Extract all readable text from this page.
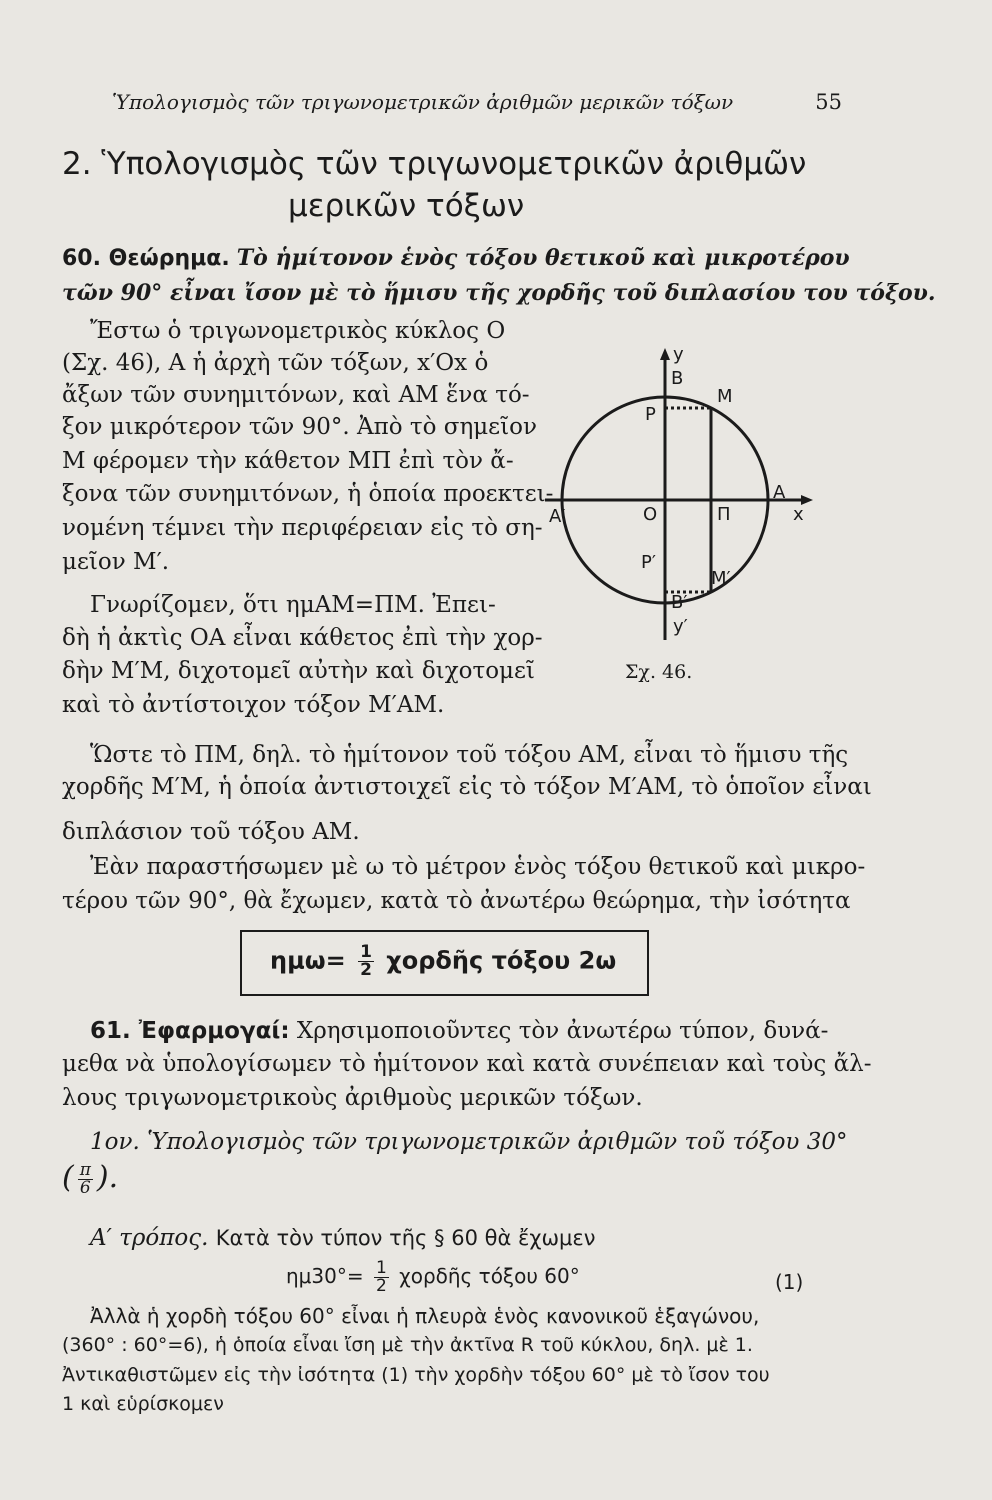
Ὑπολογισμὸς τῶν τριγωνομετρικῶν ἀριθμῶν μερικῶν τόξων	55
2. Ὑπολογισμὸς τῶν τριγωνομετρικῶν ἀριθμῶν
μερικῶν τόξων
60. Θεώρημα. Τὸ ἡμίτονον ἑνὸς τόξου θετικοῦ καὶ μικροτέρου
τῶν 90° εἶναι ἴσον μὲ τὸ ἥμισυ τῆς χορδῆς τοῦ διπλασίου του τόξου.
Ἔστω ὁ τριγωνομετρικὸς κύκλος Ο
(Σχ. 46), Α ἡ ἀρχὴ τῶν τόξων, x′Ox ὁ
ἄξων τῶν συνημιτόνων, καὶ ΑΜ ἕνα τό-
ξον μικρότερον τῶν 90°. Ἀπὸ τὸ σημεῖον
Μ φέρομεν τὴν κάθετον ΜΠ ἐπὶ τὸν ἄ-
ξονα τῶν συνημιτόνων, ἡ ὁποία προεκτει-
νομένη τέμνει τὴν περιφέρειαν εἰς τὸ ση-
μεῖον Μ′.
Γνωρίζομεν, ὅτι ημΑΜ=ΠΜ. Ἐπει-
δὴ ἡ ἀκτὶς ΟΑ εἶναι κάθετος ἐπὶ τὴν χορ-
δὴν Μ′Μ, διχοτομεῖ αὐτὴν καὶ διχοτομεῖ
καὶ τὸ ἀντίστοιχον τόξον Μ′ΑΜ.
y
B
M
P
A′	O	Π
A
x
P′
M′
B′
y′
Σχ. 46.
Ὥστε τὸ ΠΜ, δηλ. τὸ ἡμίτονον τοῦ τόξου ΑΜ, εἶναι τὸ ἥμισυ τῆς
χορδῆς Μ′Μ, ἡ ὁποία ἀντιστοιχεῖ εἰς τὸ τόξον Μ′ΑΜ, τὸ ὁποῖον εἶναι
διπλάσιον τοῦ τόξου ΑΜ.
Ἐὰν παραστήσωμεν μὲ ω τὸ μέτρον ἑνὸς τόξου θετικοῦ καὶ μικρο-
τέρου τῶν 90°, θὰ ἔχωμεν, κατὰ τὸ ἀνωτέρω θεώρημα, τὴν ἰσότητα
$\eta\mu\omega= \frac{1}{2}$ χορδῆς τόξου 2ω
61. Ἐφαρμογαί: Χρησιμοποιοῦντες τὸν ἀνωτέρω τύπον, δυνά-
μεθα νὰ ὑπολογίσωμεν τὸ ἡμίτονον καὶ κατὰ συνέπειαν καὶ τοὺς ἄλ-
λους τριγωνομετρικοὺς ἀριθμοὺς μερικῶν τόξων.
1ον. Ὑπολογισμὸς τῶν τριγωνομετρικῶν ἀριθμῶν τοῦ τόξου 30°
( $\frac{\pi}{6}$ ).
Α′ τρόπος. Κατὰ τὸν τύπον τῆς § 60 θὰ ἔχωμεν
$\eta\mu 30^\circ= \frac{1}{2}$ χορδῆς τόξου 60°	(1)
Ἀλλὰ ἡ χορδὴ τόξου 60° εἶναι ἡ πλευρὰ ἑνὸς κανονικοῦ ἑξαγώνου,
(360° : 60°=6), ἡ ὁποία εἶναι ἴση μὲ τὴν ἀκτῖνα R τοῦ κύκλου, δηλ. μὲ 1.
Ἀντικαθιστῶμεν εἰς τὴν ἰσότητα (1) τὴν χορδὴν τόξου 60° μὲ τὸ ἴσον του
1 καὶ εὑρίσκομεν
